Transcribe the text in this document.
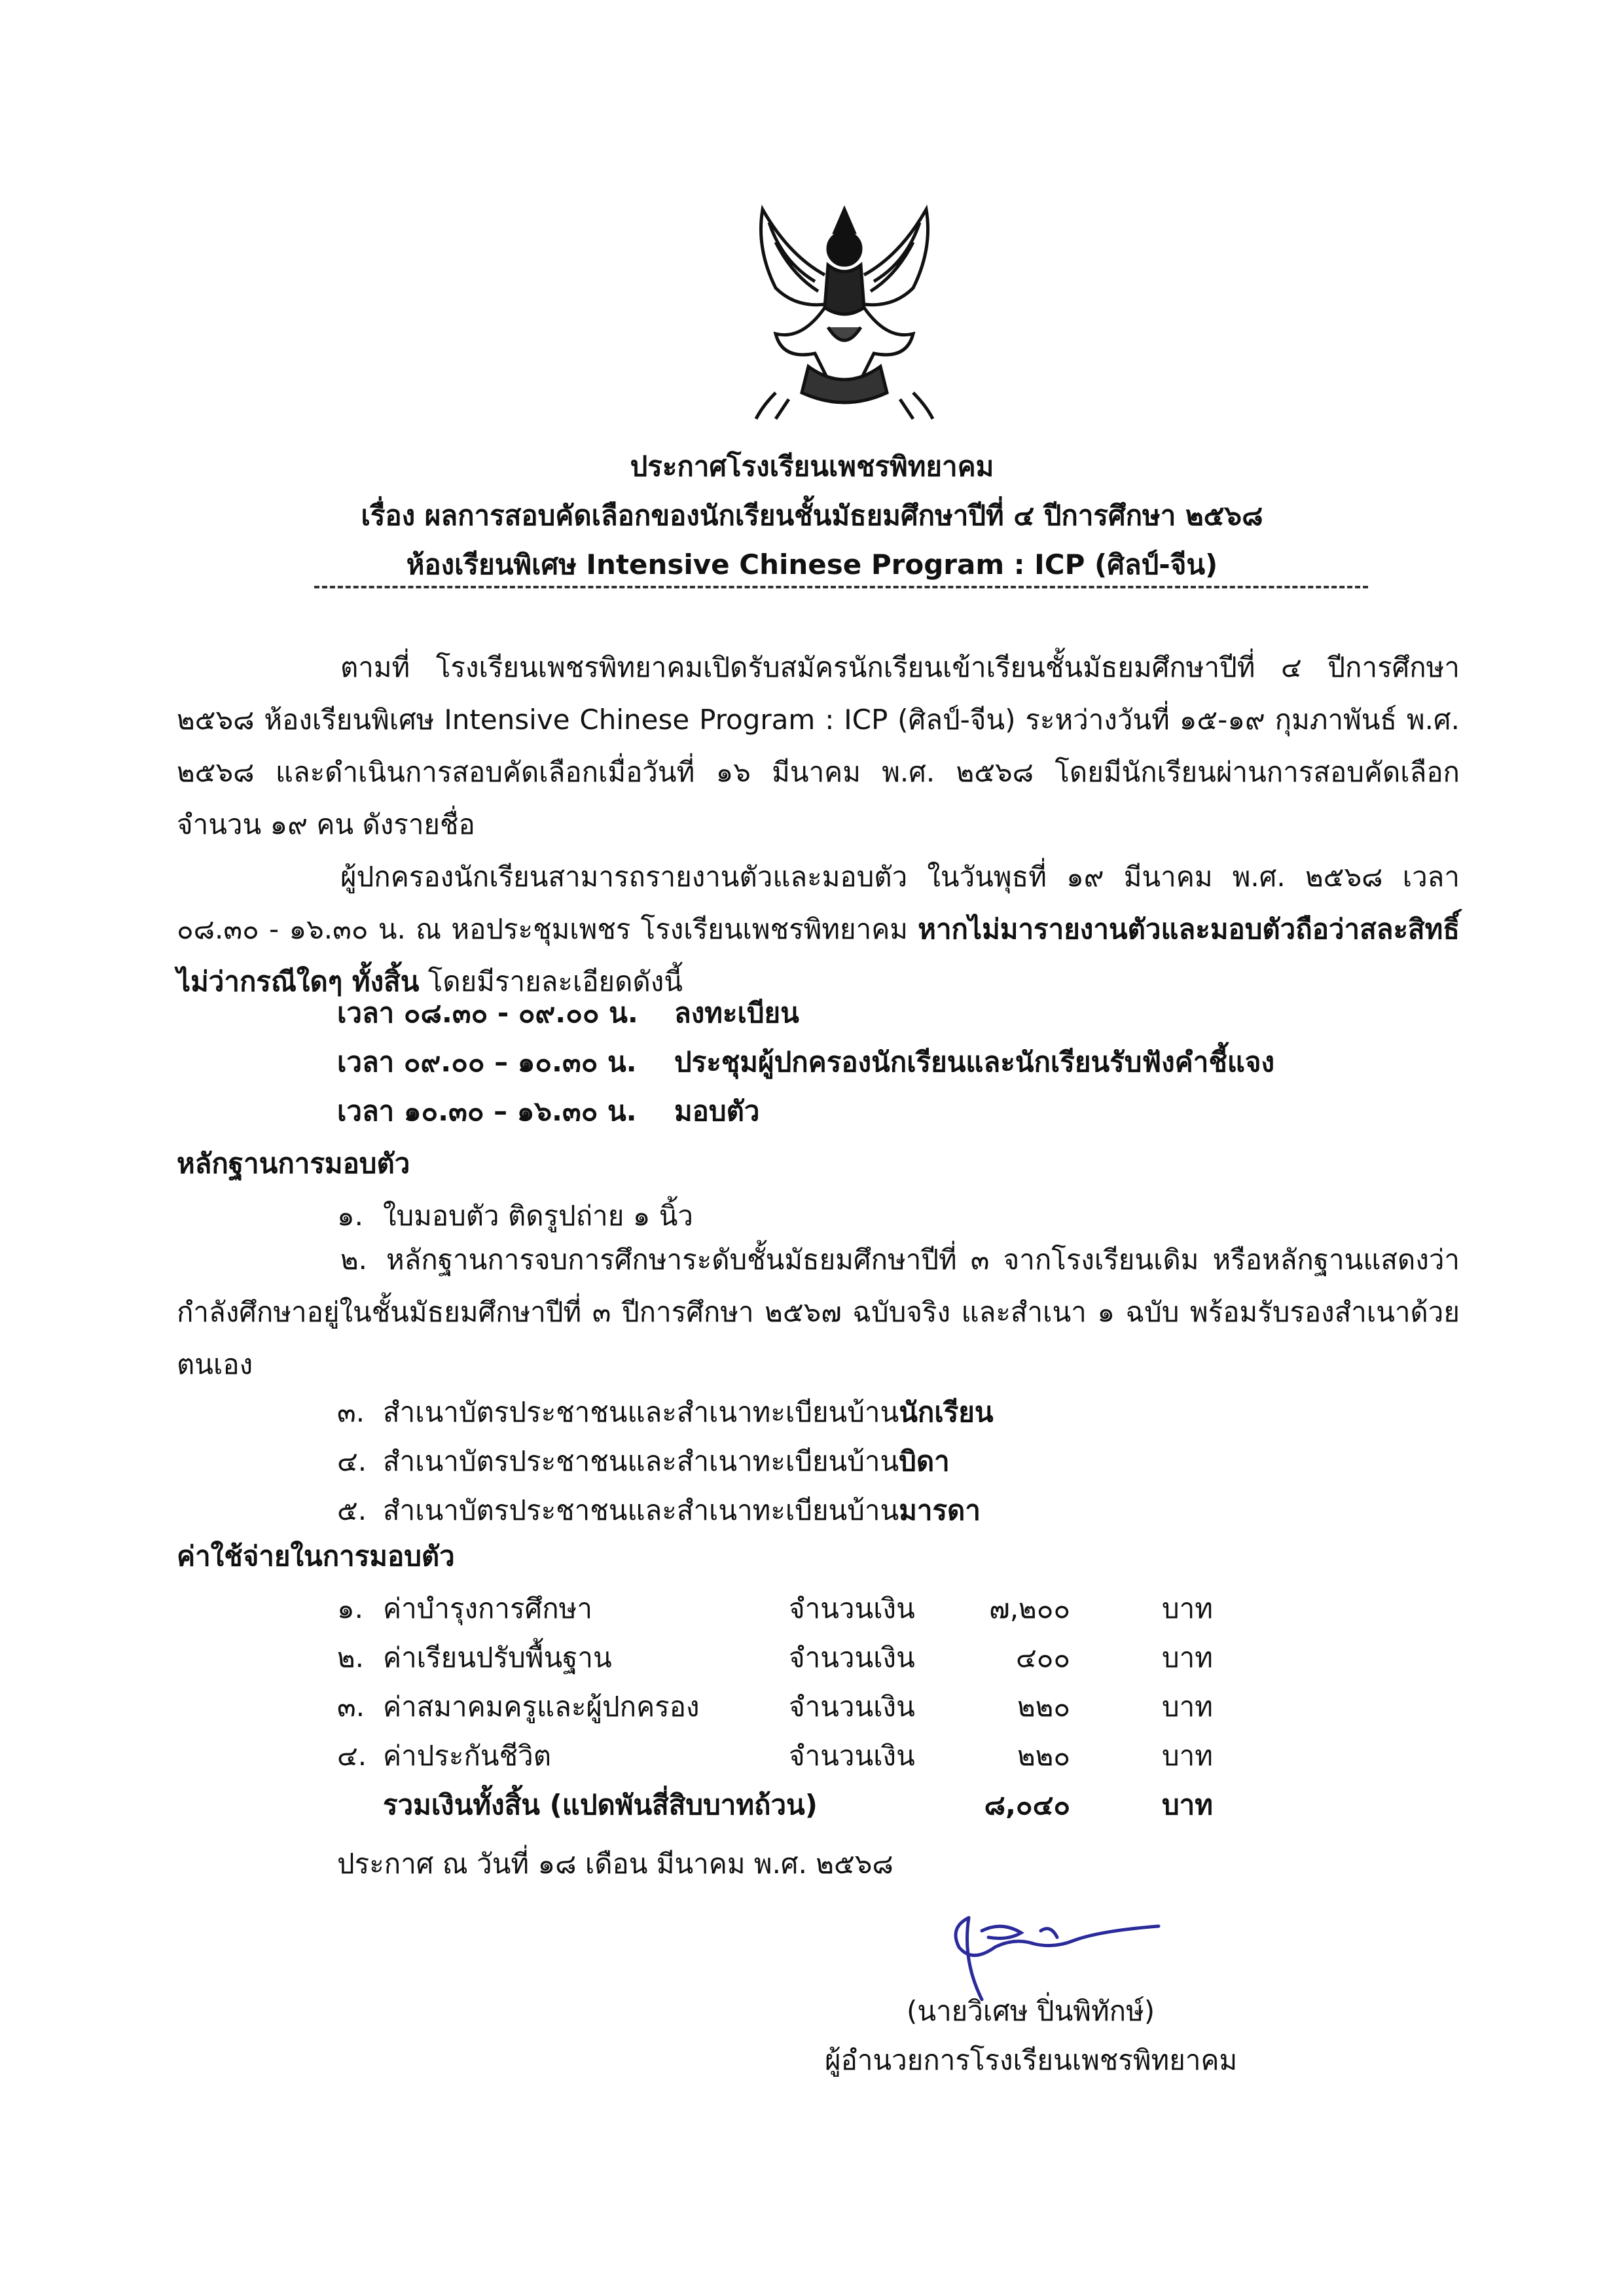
ประกาศโรงเรียนเพชรพิทยาคม
เรื่อง ผลการสอบคัดเลือกของนักเรียนชั้นมัธยมศึกษาปีที่ ๔ ปีการศึกษา ๒๕๖๘
ห้องเรียนพิเศษ Intensive Chinese Program : ICP (ศิลป์-จีน)
ตามที่ โรงเรียนเพชรพิทยาคมเปิดรับสมัครนักเรียนเข้าเรียนชั้นมัธยมศึกษาปีที่ ๔ ปีการศึกษา ๒๕๖๘ ห้องเรียนพิเศษ Intensive Chinese Program : ICP (ศิลป์-จีน) ระหว่างวันที่ ๑๕-๑๙ กุมภาพันธ์ พ.ศ. ๒๕๖๘ และดำเนินการสอบคัดเลือกเมื่อวันที่ ๑๖ มีนาคม พ.ศ. ๒๕๖๘ โดยมีนักเรียนผ่านการสอบคัดเลือก จำนวน ๑๙ คน ดังรายชื่อ
ผู้ปกครองนักเรียนสามารถรายงานตัวและมอบตัว ในวันพุธที่ ๑๙ มีนาคม พ.ศ. ๒๕๖๘ เวลา ๐๘.๓๐ - ๑๖.๓๐ น. ณ หอประชุมเพชร โรงเรียนเพชรพิทยาคม หากไม่มารายงานตัวและมอบตัวถือว่าสละสิทธิ์ ไม่ว่ากรณีใดๆ ทั้งสิ้น โดยมีรายละเอียดดังนี้
เวลา ๐๘.๓๐ - ๐๙.๐๐ น. ลงทะเบียน
เวลา ๐๙.๐๐ – ๑๐.๓๐ น. ประชุมผู้ปกครองนักเรียนและนักเรียนรับฟังคำชี้แจง
เวลา ๑๐.๓๐ – ๑๖.๓๐ น. มอบตัว
หลักฐานการมอบตัว
๑. ใบมอบตัว ติดรูปถ่าย ๑ นิ้ว
๒. หลักฐานการจบการศึกษาระดับชั้นมัธยมศึกษาปีที่ ๓ จากโรงเรียนเดิม หรือหลักฐานแสดงว่ากำลังศึกษาอยู่ในชั้นมัธยมศึกษาปีที่ ๓ ปีการศึกษา ๒๕๖๗ ฉบับจริง และสำเนา ๑ ฉบับ พร้อมรับรองสำเนาด้วยตนเอง
๓. สำเนาบัตรประชาชนและสำเนาทะเบียนบ้านนักเรียน
๔. สำเนาบัตรประชาชนและสำเนาทะเบียนบ้านบิดา
๕. สำเนาบัตรประชาชนและสำเนาทะเบียนบ้านมารดา
ค่าใช้จ่ายในการมอบตัว
๑. ค่าบำรุงการศึกษา	จำนวนเงิน	๗,๒๐๐	บาท
๒. ค่าเรียนปรับพื้นฐาน	จำนวนเงิน	๔๐๐	บาท
๓. ค่าสมาคมครูและผู้ปกครอง	จำนวนเงิน	๒๒๐	บาท
๔. ค่าประกันชีวิต	จำนวนเงิน	๒๒๐	บาท
รวมเงินทั้งสิ้น (แปดพันสี่สิบบาทถ้วน)	๘,๐๔๐	บาท
ประกาศ ณ วันที่ ๑๘ เดือน มีนาคม พ.ศ. ๒๕๖๘
(นายวิเศษ ปิ่นพิทักษ์)
ผู้อำนวยการโรงเรียนเพชรพิทยาคม
